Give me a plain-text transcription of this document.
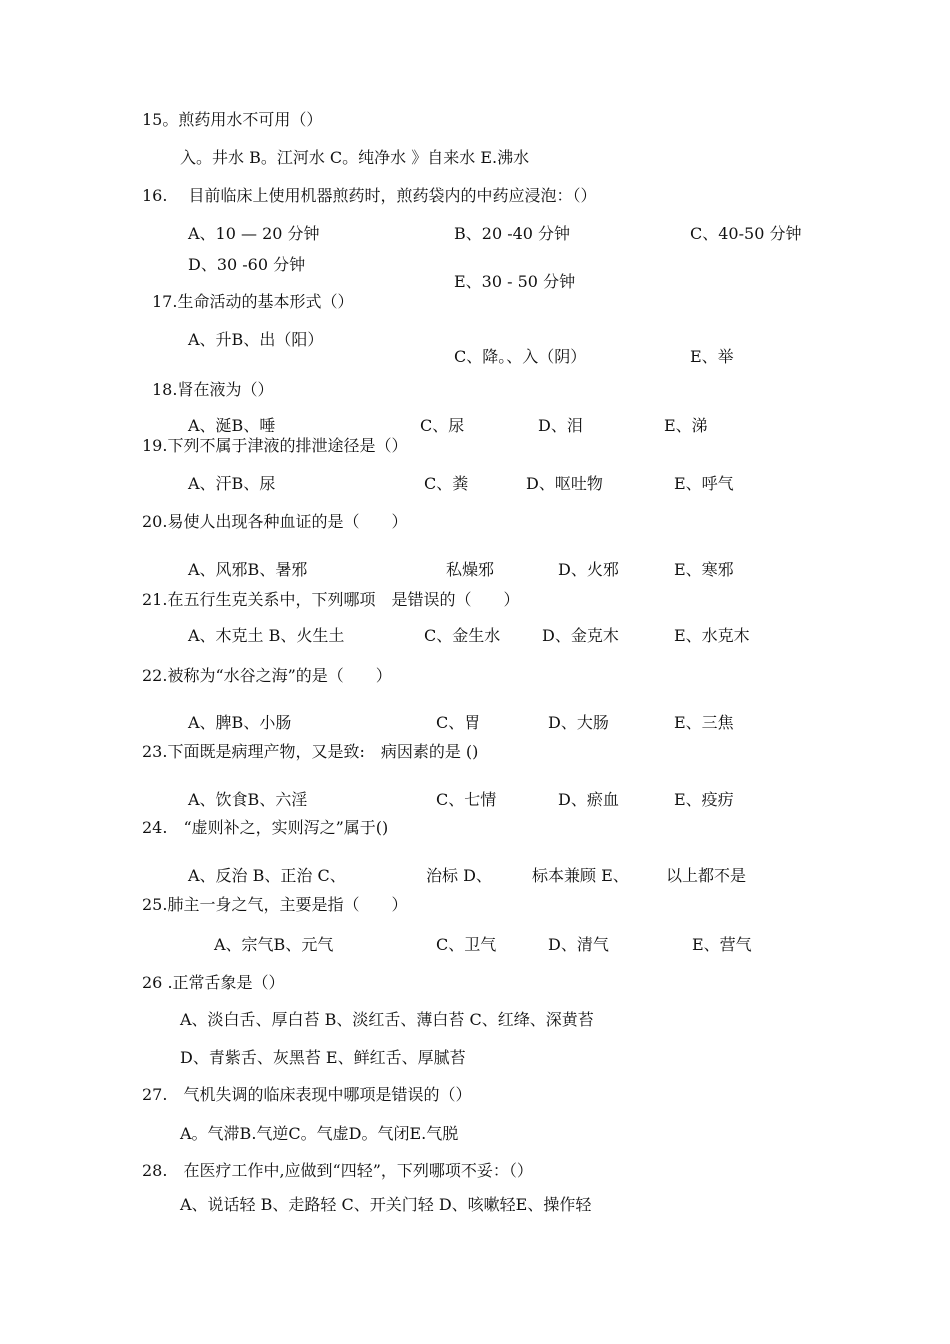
15。煎药用水不可用（）
入。井水 B。江河水 C。纯净水 》自来水 E.沸水
16.　 目前临床上使用机器煎药时，煎药袋内的中药应浸泡：（）
A、10 — 20 分钟	B、20 -40 分钟	C、40-50 分钟
D、30 -60 分钟
E、30 - 50 分钟
17.生命活动的基本形式（）
A、升B、出（阳）
C、降。、入（阴）	E、举
18.肾在液为（）
A、涎B、唾	C、尿	D、泪	E、涕
19.下列不属于津液的排泄途径是（）
A、汗B、尿	C、粪	D、呕吐物	E、呼气
20.易使人出现各种血证的是（　　）
A、风邪B、暑邪	私燥邪	D、火邪	E、寒邪
21.在五行生克关系中，下列哪项　是错误的（　　）
A、木克土 B、火生土	C、金生水	D、金克木	E、水克木
22.被称为“水谷之海”的是（　　）
A、脾B、小肠	C、胃	D、大肠	E、三焦
23.下面既是病理产物，又是致:　病因素的是 ()
A、饮食B、六淫	C、七情	D、瘀血	E、疫疠
24.　“虚则补之，实则泻之”属于()
A、反治 B、正治 C、	治标 D、	标本兼顾 E、 以上都不是
25.肺主一身之气，主要是指（　　）
A、宗气B、元气	C、卫气	D、清气	E、营气
26 .正常舌象是（）
A、淡白舌、厚白苔 B、淡红舌、薄白苔 C、红绛、深黄苔
D、青紫舌、灰黑苔 E、鲜红舌、厚腻苔
27.　气机失调的临床表现中哪项是错误的（）
A。气滞B.气逆C。气虚D。气闭E.气脱
28.　在医疗工作中,应做到“四轻”，下列哪项不妥：（）
A、说话轻 B、走路轻 C、开关门轻 D、咳嗽轻E、操作轻
